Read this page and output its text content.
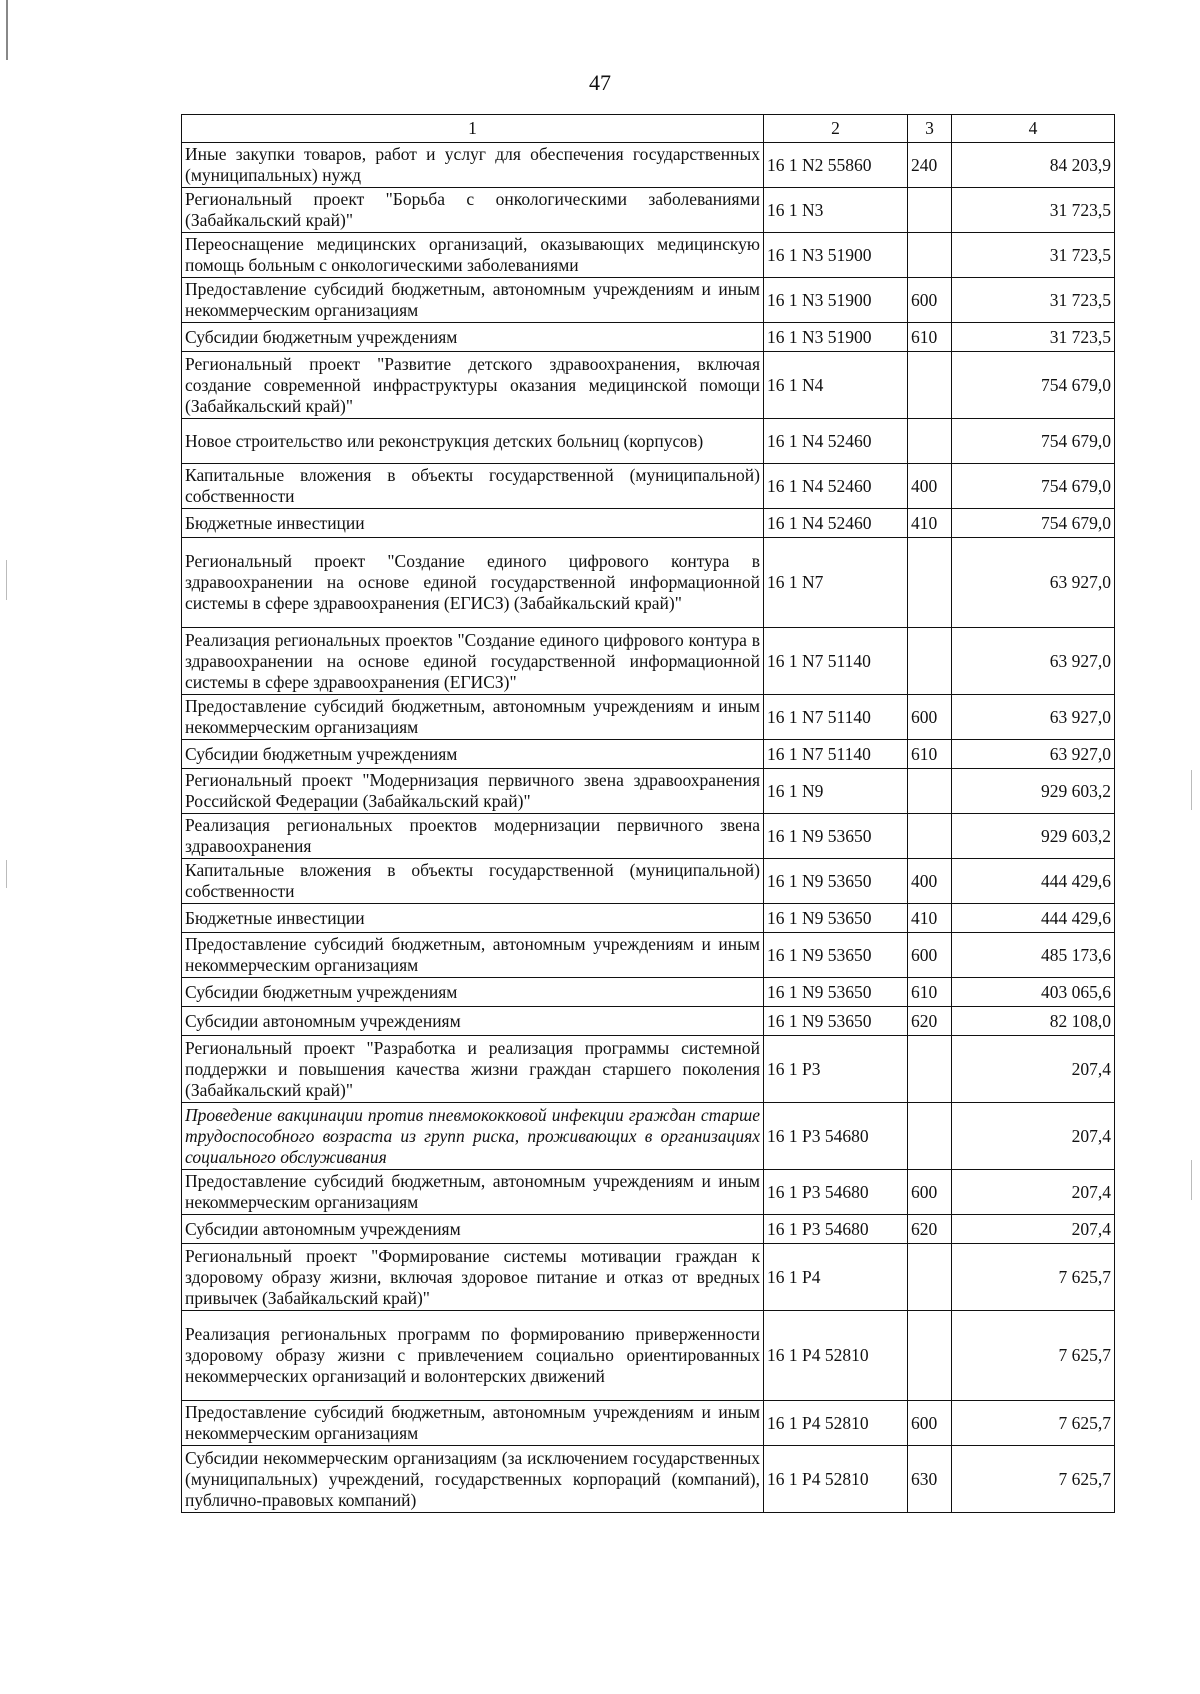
47
1	2	3	4
Иные закупки товаров, работ и услуг для обеспечения государственных (муниципальных) нужд	16 1 N2 55860	240	84 203,9
Региональный проект "Борьба с онкологическими заболеваниями (Забайкальский край)"	16 1 N3		31 723,5
Переоснащение медицинских организаций, оказывающих медицинскую помощь больным с онкологическими заболеваниями	16 1 N3 51900		31 723,5
Предоставление субсидий бюджетным, автономным учреждениям и иным некоммерческим организациям	16 1 N3 51900	600	31 723,5
Субсидии бюджетным учреждениям	16 1 N3 51900	610	31 723,5
Региональный проект "Развитие детского здравоохранения, включая создание современной инфраструктуры оказания медицинской помощи (Забайкальский край)"	16 1 N4		754 679,0
Новое строительство или реконструкция детских больниц (корпусов)	16 1 N4 52460		754 679,0
Капитальные вложения в объекты государственной (муниципальной) собственности	16 1 N4 52460	400	754 679,0
Бюджетные инвестиции	16 1 N4 52460	410	754 679,0
Региональный проект "Создание единого цифрового контура в здравоохранении на основе единой государственной информационной системы в сфере здравоохранения (ЕГИСЗ) (Забайкальский край)"	16 1 N7		63 927,0
Реализация региональных проектов "Создание единого цифрового контура в здравоохранении на основе единой государственной информационной системы в сфере здравоохранения (ЕГИСЗ)"	16 1 N7 51140		63 927,0
Предоставление субсидий бюджетным, автономным учреждениям и иным некоммерческим организациям	16 1 N7 51140	600	63 927,0
Субсидии бюджетным учреждениям	16 1 N7 51140	610	63 927,0
Региональный проект "Модернизация первичного звена здравоохранения Российской Федерации (Забайкальский край)"	16 1 N9		929 603,2
Реализация региональных проектов модернизации первичного звена здравоохранения	16 1 N9 53650		929 603,2
Капитальные вложения в объекты государственной (муниципальной) собственности	16 1 N9 53650	400	444 429,6
Бюджетные инвестиции	16 1 N9 53650	410	444 429,6
Предоставление субсидий бюджетным, автономным учреждениям и иным некоммерческим организациям	16 1 N9 53650	600	485 173,6
Субсидии бюджетным учреждениям	16 1 N9 53650	610	403 065,6
Субсидии автономным учреждениям	16 1 N9 53650	620	82 108,0
Региональный проект "Разработка и реализация программы системной поддержки и повышения качества жизни граждан старшего поколения (Забайкальский край)"	16 1 P3		207,4
Проведение вакцинации против пневмококковой инфекции граждан старше трудоспособного возраста из групп риска, проживающих в организациях социального обслуживания	16 1 P3 54680		207,4
Предоставление субсидий бюджетным, автономным учреждениям и иным некоммерческим организациям	16 1 P3 54680	600	207,4
Субсидии автономным учреждениям	16 1 P3 54680	620	207,4
Региональный проект "Формирование системы мотивации граждан к здоровому образу жизни, включая здоровое питание и отказ от вредных привычек (Забайкальский край)"	16 1 P4		7 625,7
Реализация региональных программ по формированию приверженности здоровому образу жизни с привлечением социально ориентированных некоммерческих организаций и волонтерских движений	16 1 P4 52810		7 625,7
Предоставление субсидий бюджетным, автономным учреждениям и иным некоммерческим организациям	16 1 P4 52810	600	7 625,7
Субсидии некоммерческим организациям (за исключением государственных (муниципальных) учреждений, государственных корпораций (компаний), публично-правовых компаний)	16 1 P4 52810	630	7 625,7
